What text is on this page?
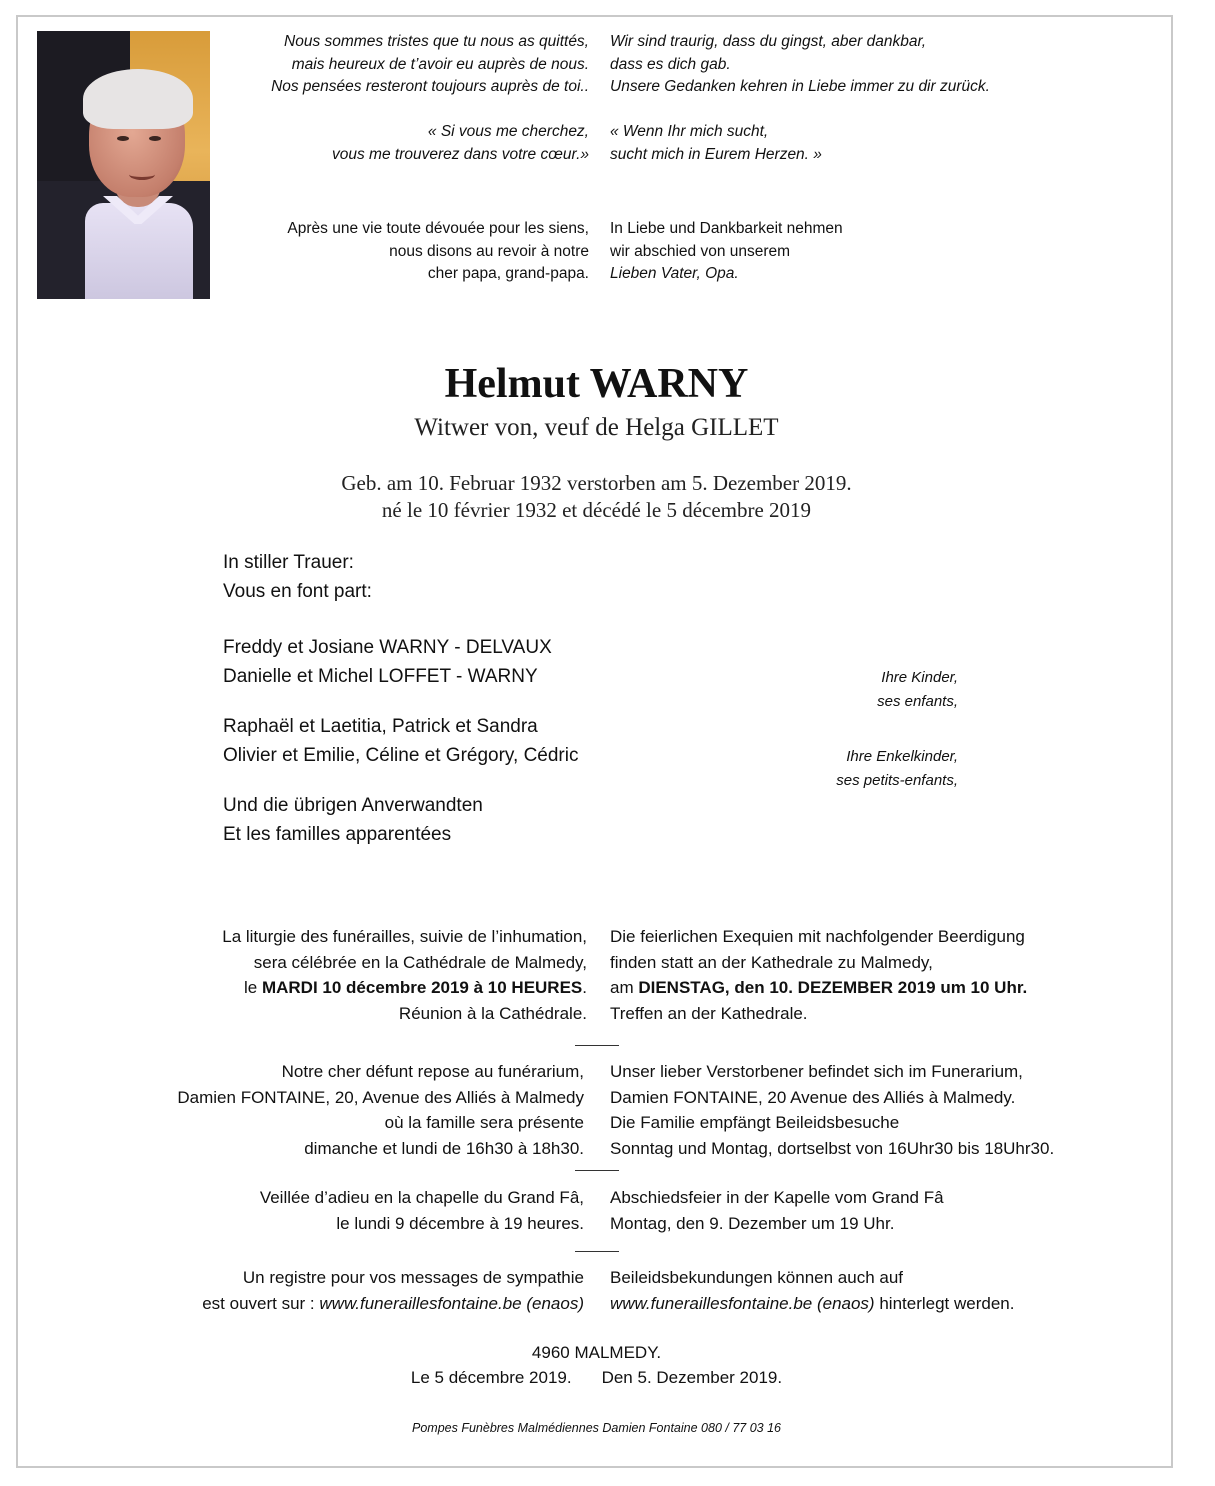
Nous sommes tristes que tu nous as quittés,
mais heureux de t’avoir eu auprès de nous.
Nos pensées resteront toujours auprès de toi..
Wir sind traurig, dass du gingst, aber dankbar,
dass es dich gab.
Unsere Gedanken kehren in Liebe immer zu dir zurück.
« Si vous me cherchez,
vous me trouverez dans votre cœur.»
« Wenn Ihr mich sucht,
sucht mich in Eurem Herzen. »
Après une vie toute dévouée pour les siens,
nous disons au revoir à notre
cher papa, grand-papa.
In Liebe und Dankbarkeit nehmen
wir abschied von unserem
Lieben Vater, Opa.
Helmut WARNY
Witwer von, veuf de Helga GILLET
Geb. am 10. Februar 1932 verstorben am 5. Dezember 2019.
né le 10 février 1932 et décédé le 5 décembre 2019
In stiller Trauer:
Vous en font part:
Freddy et Josiane WARNY - DELVAUX
Danielle et Michel LOFFET - WARNY	Ihre Kinder,
ses enfants,
Raphaël et Laetitia, Patrick et Sandra
Olivier et Emilie, Céline et Grégory, Cédric	Ihre Enkelkinder,
ses petits-enfants,
Und die übrigen Anverwandten
Et les familles apparentées
La liturgie des funérailles, suivie de l’inhumation,
sera célébrée en la Cathédrale de Malmedy,
le MARDI 10 décembre 2019 à 10 HEURES.
Réunion à la Cathédrale.
Die feierlichen Exequien mit nachfolgender Beerdigung
finden statt an der Kathedrale zu Malmedy,
am DIENSTAG, den 10. DEZEMBER 2019 um 10 Uhr.
Treffen an der Kathedrale.
Notre cher défunt repose au funérarium,
Damien FONTAINE, 20, Avenue des Alliés à Malmedy
où la famille sera présente
dimanche et lundi de 16h30 à 18h30.
Unser lieber Verstorbener befindet sich im Funerarium,
Damien FONTAINE, 20 Avenue des Alliés à Malmedy.
Die Familie empfängt Beileidsbesuche
Sonntag und Montag, dortselbst von 16Uhr30 bis 18Uhr30.
Veillée d’adieu en la chapelle du Grand Fâ,
le lundi 9 décembre à 19 heures.
Abschiedsfeier in der Kapelle vom Grand Fâ
Montag, den 9. Dezember um 19 Uhr.
Un registre pour vos messages de sympathie
est ouvert sur : www.funeraillesfontaine.be (enaos)
Beileidsbekundungen können auch auf
www.funeraillesfontaine.be (enaos) hinterlegt werden.
4960 MALMEDY.
Le 5 décembre 2019. Den 5. Dezember 2019.
Pompes Funèbres Malmédiennes Damien Fontaine 080 / 77 03 16
